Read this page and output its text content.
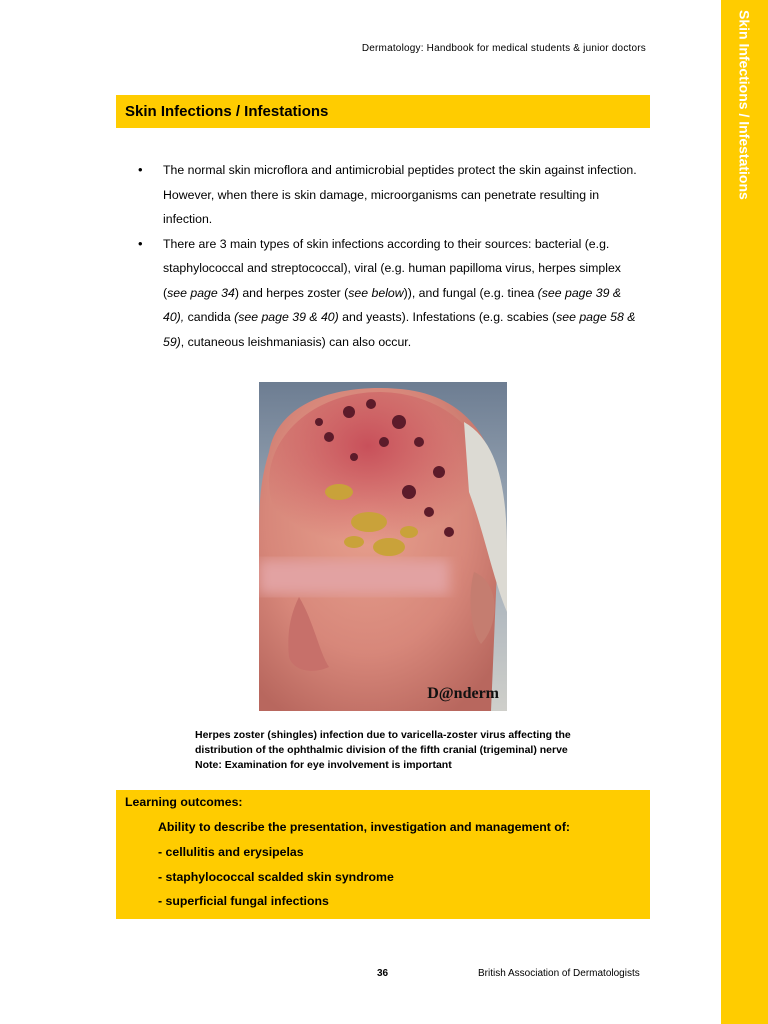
Skin Infections / Infestations
Dermatology: Handbook for medical students & junior doctors
Skin Infections / Infestations
• The normal skin microflora and antimicrobial peptides protect the skin against infection. However, when there is skin damage, microorganisms can penetrate resulting in infection.
• There are 3 main types of skin infections according to their sources: bacterial (e.g. staphylococcal and streptococcal), viral (e.g. human papilloma virus, herpes simplex (see page 34) and herpes zoster (see below)), and fungal (e.g. tinea (see page 39 & 40), candida (see page 39 & 40) and yeasts). Infestations (e.g. scabies (see page 58 & 59), cutaneous leishmaniasis) can also occur.
D@nderm
Herpes zoster (shingles) infection due to varicella-zoster virus affecting the
distribution of the ophthalmic division of the fifth cranial (trigeminal) nerve
Note: Examination for eye involvement is important
Learning outcomes:
Ability to describe the presentation, investigation and management of:
- cellulitis and erysipelas
- staphylococcal scalded skin syndrome
- superficial fungal infections
36	British Association of Dermatologists
